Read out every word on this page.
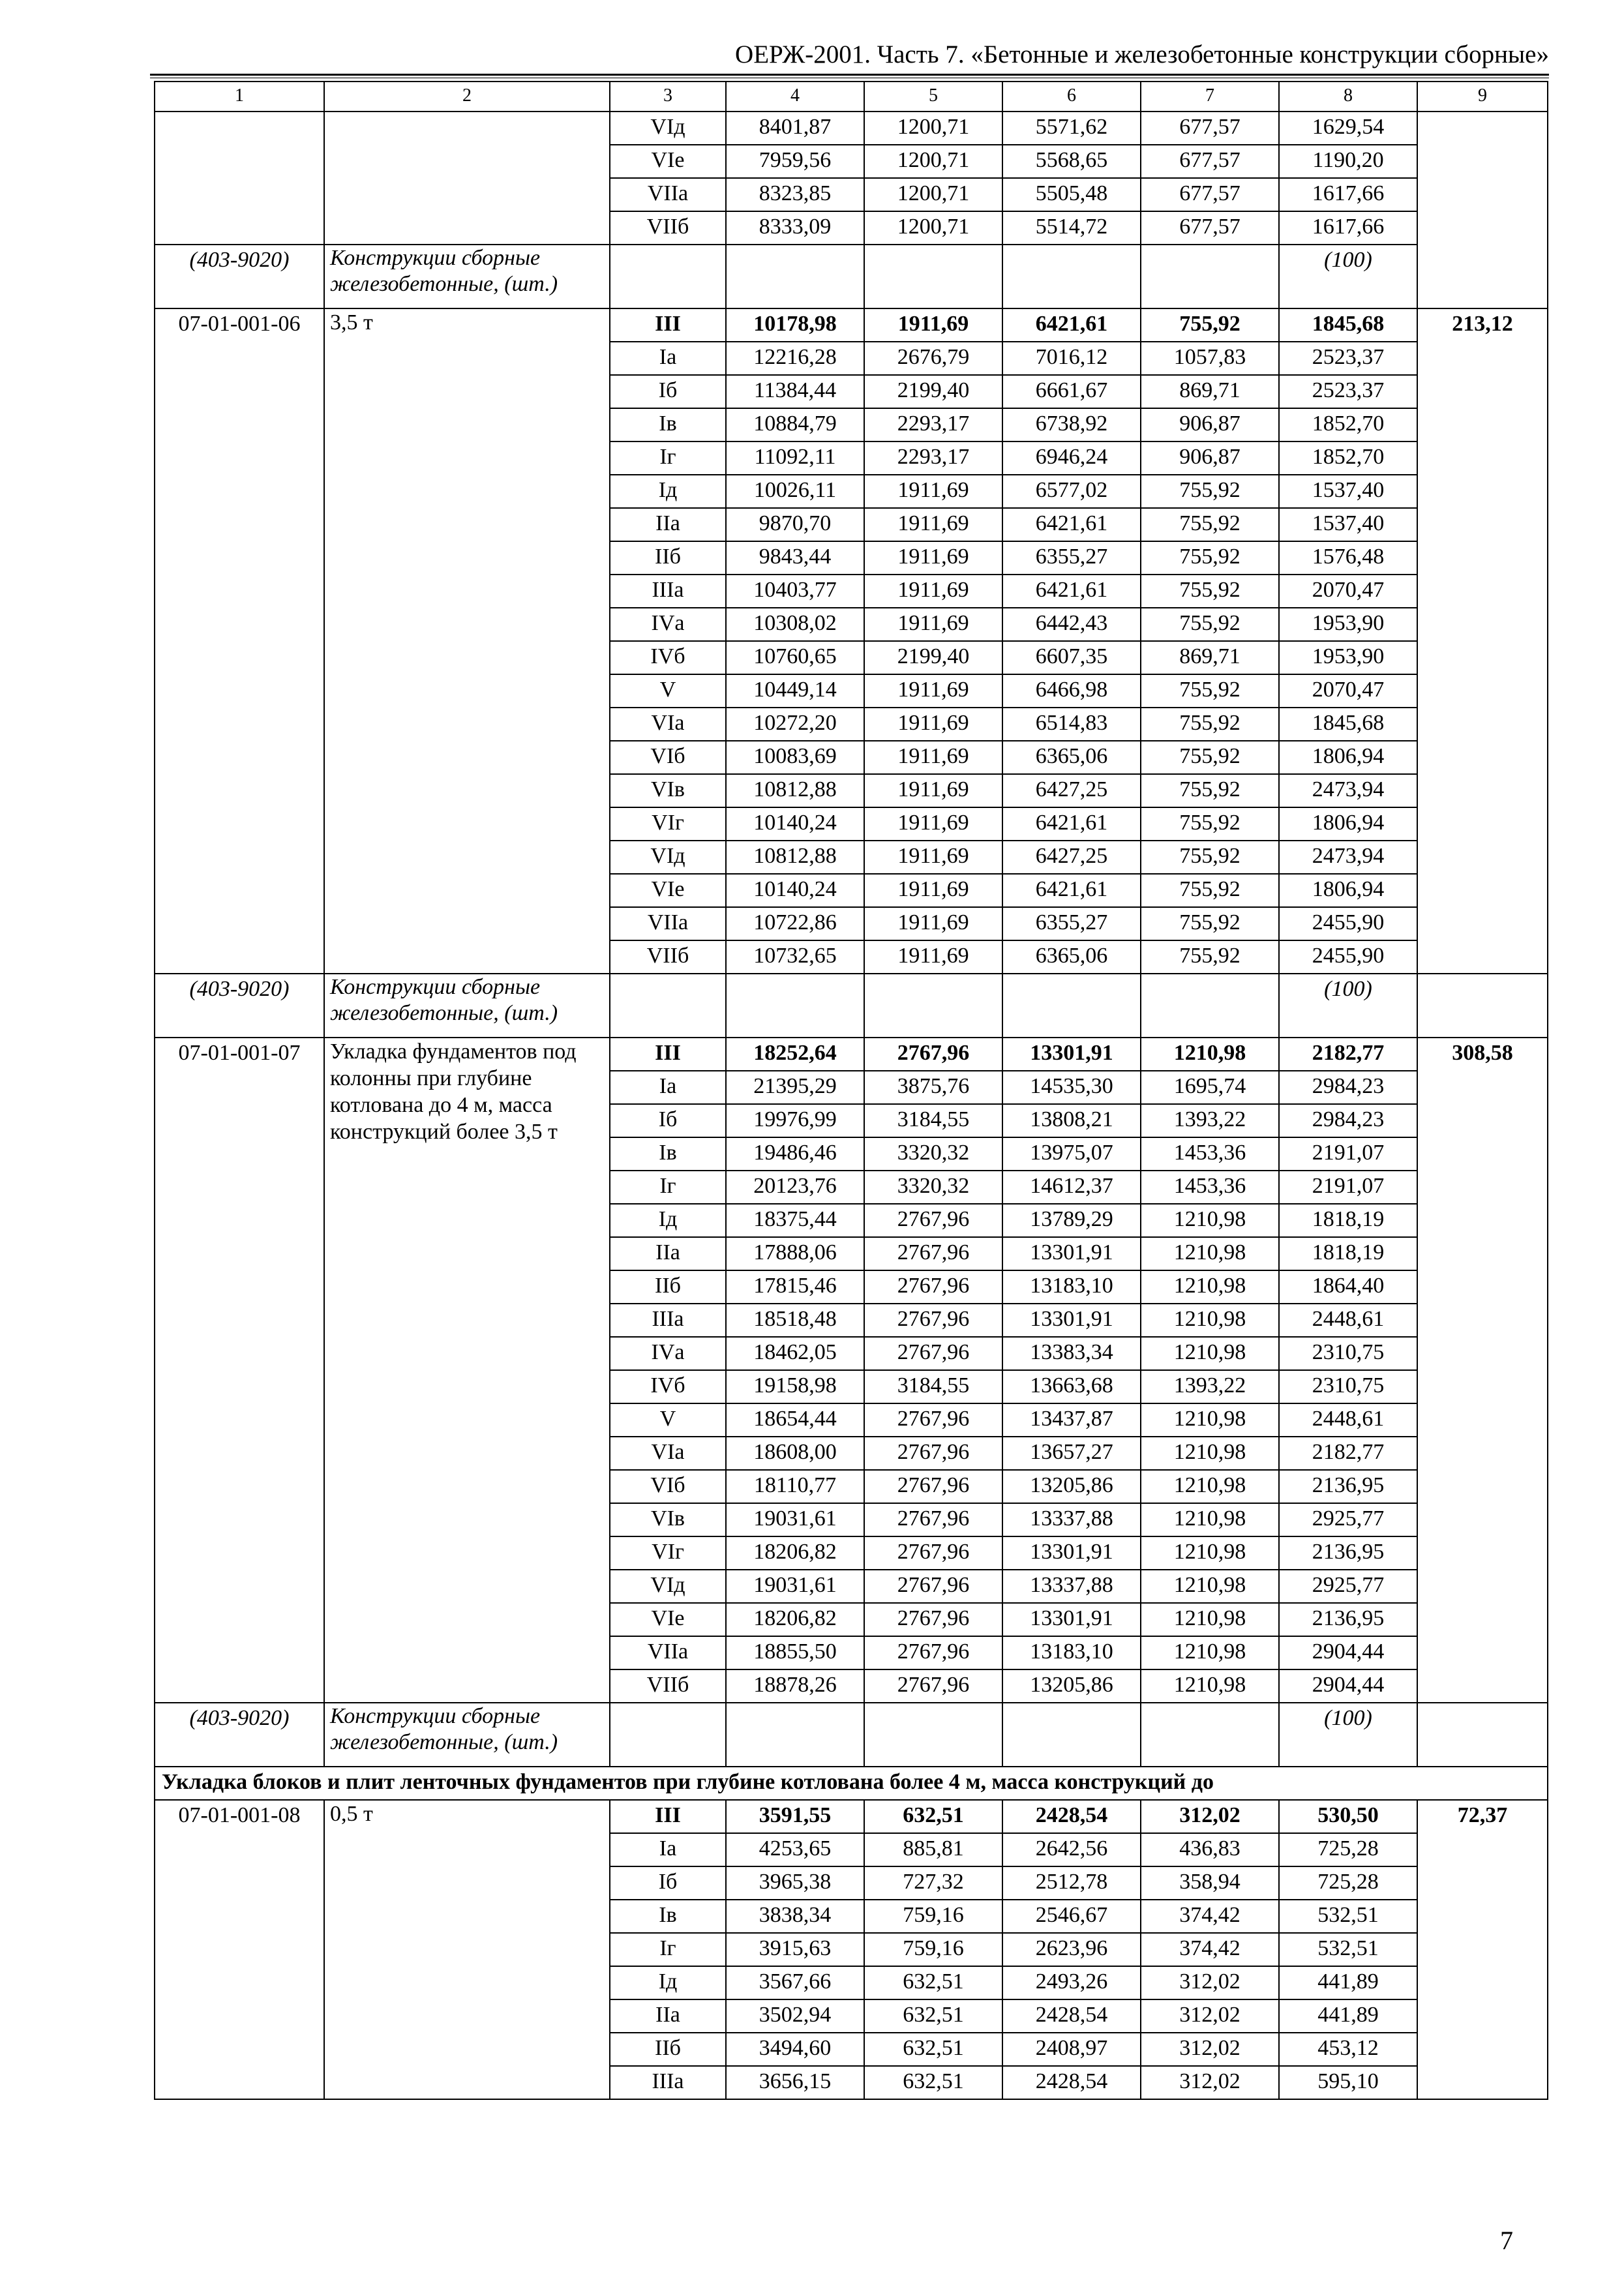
ОЕРЖ-2001. Часть 7. «Бетонные и железобетонные конструкции сборные»
1	2	3	4	5	6	7	8	9
		VIд	8401,87	1200,71	5571,62	677,57	1629,54	
		VIе	7959,56	1200,71	5568,65	677,57	1190,20	
		VIIа	8323,85	1200,71	5505,48	677,57	1617,66	
		VIIб	8333,09	1200,71	5514,72	677,57	1617,66	
(403-9020)	Конструкции сборные железобетонные, (шт.)						(100)	
07-01-001-06	3,5 т	III	10178,98	1911,69	6421,61	755,92	1845,68	213,12
		Iа	12216,28	2676,79	7016,12	1057,83	2523,37	
		Iб	11384,44	2199,40	6661,67	869,71	2523,37	
		Iв	10884,79	2293,17	6738,92	906,87	1852,70	
		Iг	11092,11	2293,17	6946,24	906,87	1852,70	
		Iд	10026,11	1911,69	6577,02	755,92	1537,40	
		IIа	9870,70	1911,69	6421,61	755,92	1537,40	
		IIб	9843,44	1911,69	6355,27	755,92	1576,48	
		IIIа	10403,77	1911,69	6421,61	755,92	2070,47	
		IVа	10308,02	1911,69	6442,43	755,92	1953,90	
		IVб	10760,65	2199,40	6607,35	869,71	1953,90	
		V	10449,14	1911,69	6466,98	755,92	2070,47	
		VIа	10272,20	1911,69	6514,83	755,92	1845,68	
		VIб	10083,69	1911,69	6365,06	755,92	1806,94	
		VIв	10812,88	1911,69	6427,25	755,92	2473,94	
		VIг	10140,24	1911,69	6421,61	755,92	1806,94	
		VIд	10812,88	1911,69	6427,25	755,92	2473,94	
		VIе	10140,24	1911,69	6421,61	755,92	1806,94	
		VIIа	10722,86	1911,69	6355,27	755,92	2455,90	
		VIIб	10732,65	1911,69	6365,06	755,92	2455,90	
(403-9020)	Конструкции сборные железобетонные, (шт.)						(100)	
07-01-001-07	Укладка фундаментов под колонны при глубине котлована до 4 м, масса конструкций более 3,5 т	III	18252,64	2767,96	13301,91	1210,98	2182,77	308,58
		Iа	21395,29	3875,76	14535,30	1695,74	2984,23	
		Iб	19976,99	3184,55	13808,21	1393,22	2984,23	
		Iв	19486,46	3320,32	13975,07	1453,36	2191,07	
		Iг	20123,76	3320,32	14612,37	1453,36	2191,07	
		Iд	18375,44	2767,96	13789,29	1210,98	1818,19	
		IIа	17888,06	2767,96	13301,91	1210,98	1818,19	
		IIб	17815,46	2767,96	13183,10	1210,98	1864,40	
		IIIа	18518,48	2767,96	13301,91	1210,98	2448,61	
		IVа	18462,05	2767,96	13383,34	1210,98	2310,75	
		IVб	19158,98	3184,55	13663,68	1393,22	2310,75	
		V	18654,44	2767,96	13437,87	1210,98	2448,61	
		VIа	18608,00	2767,96	13657,27	1210,98	2182,77	
		VIб	18110,77	2767,96	13205,86	1210,98	2136,95	
		VIв	19031,61	2767,96	13337,88	1210,98	2925,77	
		VIг	18206,82	2767,96	13301,91	1210,98	2136,95	
		VIд	19031,61	2767,96	13337,88	1210,98	2925,77	
		VIе	18206,82	2767,96	13301,91	1210,98	2136,95	
		VIIа	18855,50	2767,96	13183,10	1210,98	2904,44	
		VIIб	18878,26	2767,96	13205,86	1210,98	2904,44	
(403-9020)	Конструкции сборные железобетонные, (шт.)						(100)	
Укладка блоков и плит ленточных фундаментов при глубине котлована более 4 м, масса конструкций до								
07-01-001-08	0,5 т	III	3591,55	632,51	2428,54	312,02	530,50	72,37
		Iа	4253,65	885,81	2642,56	436,83	725,28	
		Iб	3965,38	727,32	2512,78	358,94	725,28	
		Iв	3838,34	759,16	2546,67	374,42	532,51	
		Iг	3915,63	759,16	2623,96	374,42	532,51	
		Iд	3567,66	632,51	2493,26	312,02	441,89	
		IIа	3502,94	632,51	2428,54	312,02	441,89	
		IIб	3494,60	632,51	2408,97	312,02	453,12	
		IIIа	3656,15	632,51	2428,54	312,02	595,10	
7
